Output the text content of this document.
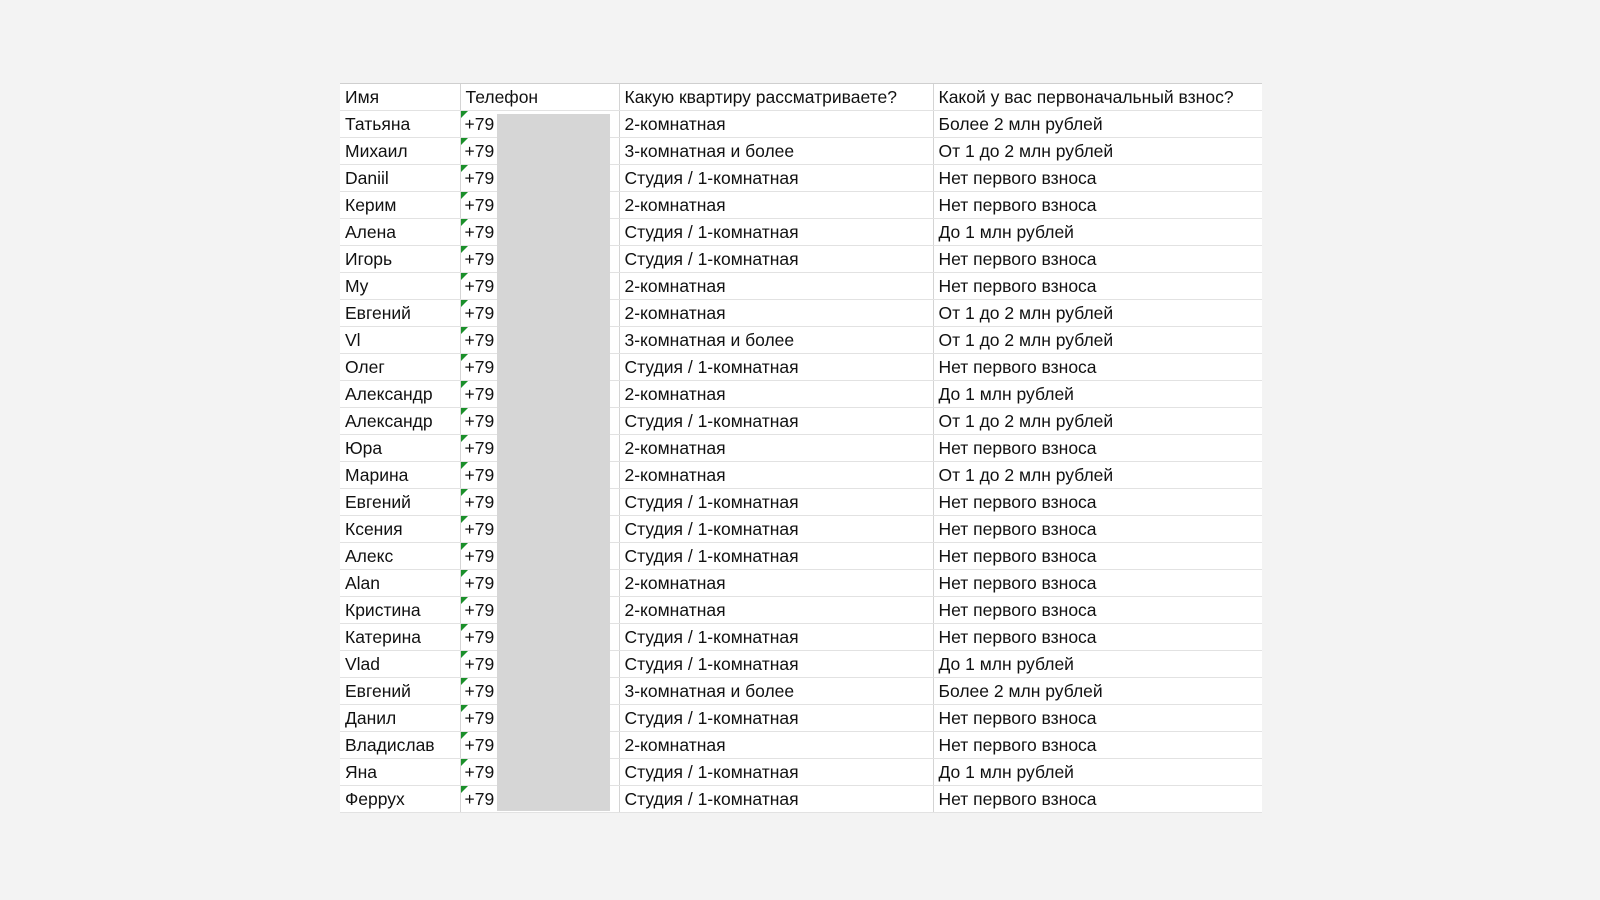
Имя	Телефон	Какую квартиру рассматриваете?	Какой у вас первоначальный взнос?
Татьяна	+79	2-комнатная	Более 2 млн рублей
Михаил	+79	3-комнатная и более	От 1 до 2 млн рублей
Daniil	+79	Студия / 1-комнатная	Нет первого взноса
Керим	+79	2-комнатная	Нет первого взноса
Алена	+79	Студия / 1-комнатная	До 1 млн рублей
Игорь	+79	Студия / 1-комнатная	Нет первого взноса
My	+79	2-комнатная	Нет первого взноса
Евгений	+79	2-комнатная	От 1 до 2 млн рублей
Vl	+79	3-комнатная и более	От 1 до 2 млн рублей
Олег	+79	Студия / 1-комнатная	Нет первого взноса
Александр	+79	2-комнатная	До 1 млн рублей
Александр	+79	Студия / 1-комнатная	От 1 до 2 млн рублей
Юра	+79	2-комнатная	Нет первого взноса
Марина	+79	2-комнатная	От 1 до 2 млн рублей
Евгений	+79	Студия / 1-комнатная	Нет первого взноса
Ксения	+79	Студия / 1-комнатная	Нет первого взноса
Алекс	+79	Студия / 1-комнатная	Нет первого взноса
Alan	+79	2-комнатная	Нет первого взноса
Кристина	+79	2-комнатная	Нет первого взноса
Катерина	+79	Студия / 1-комнатная	Нет первого взноса
Vlad	+79	Студия / 1-комнатная	До 1 млн рублей
Евгений	+79	3-комнатная и более	Более 2 млн рублей
Данил	+79	Студия / 1-комнатная	Нет первого взноса
Владислав	+79	2-комнатная	Нет первого взноса
Яна	+79	Студия / 1-комнатная	До 1 млн рублей
Феррух	+79	Студия / 1-комнатная	Нет первого взноса
